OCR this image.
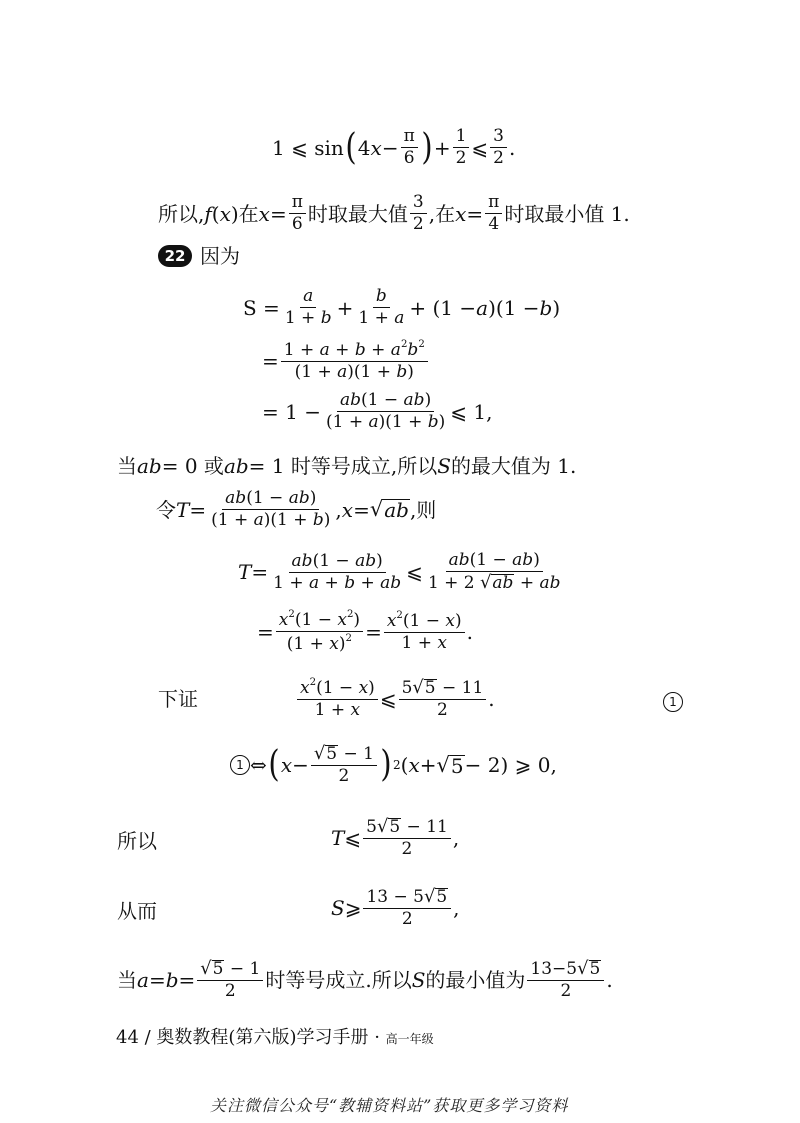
1 ⩽ sin ( 4 $x - \frac{\pi}{6}$ ) + $\frac{1}{2}$ ⩽ $\frac{3}{2}$ .
所以, f ( x )在 $x = \frac{\pi}{6}$ 时取最大值 $\frac{3}{2}$ ,在 $x = \frac{\pi}{4}$ 时取最小值 1.
22 因为
$S = \frac{a}{1 + b} + \frac{b}{1 + a} + (1 - a$ )(1 − b )
= $\frac{1 + a + b + a^2b^2}{(1 + a)(1 + b)}$
= $1 - \frac{ab(1 - ab)}{(1 + a)(1 + b)}$ ⩽ 1,
当 ab = 0 或 ab = 1 时等号成立,所以 S 的最大值为 1.
令 $T = \frac{ab(1 - ab)}{(1 + a)(1 + b)}$ , x = √ ab ,则
$T = \frac{ab(1 - ab)}{1 + a + b + ab}$ ⩽ $\frac{ab(1 - ab)}{1 + 2 √ ab + ab}$
= $\frac{x^2(1 - x^2)}{(1 + x)^2} = \frac{x^2(1 - x)}{1 + x}$ .
下证	$\frac{x^2(1 - x)}{1 + x}$ ⩽ $\frac{5 √ 5 - 11}{2}$ .	1
1 ⇔ ( $x - \frac{√ 5 - 1}{2}$ ) 2 ( x + √ 5 − 2) ⩾ 0,
所以	T ⩽ $\frac{5 √ 5 - 11}{2}$ ,
从而	S ⩾ $\frac{13 - 5 √ 5}{2}$ ,
当 $a = b = \frac{√ 5 - 1}{2}$ 时等号成立.所以 S 的最小值为 $\frac{13-5 √ 5}{2}$ .
44 / 奥数教程(第六版)学习手册 · 高一年级
关注微信公众号“教辅资料站”获取更多学习资料
